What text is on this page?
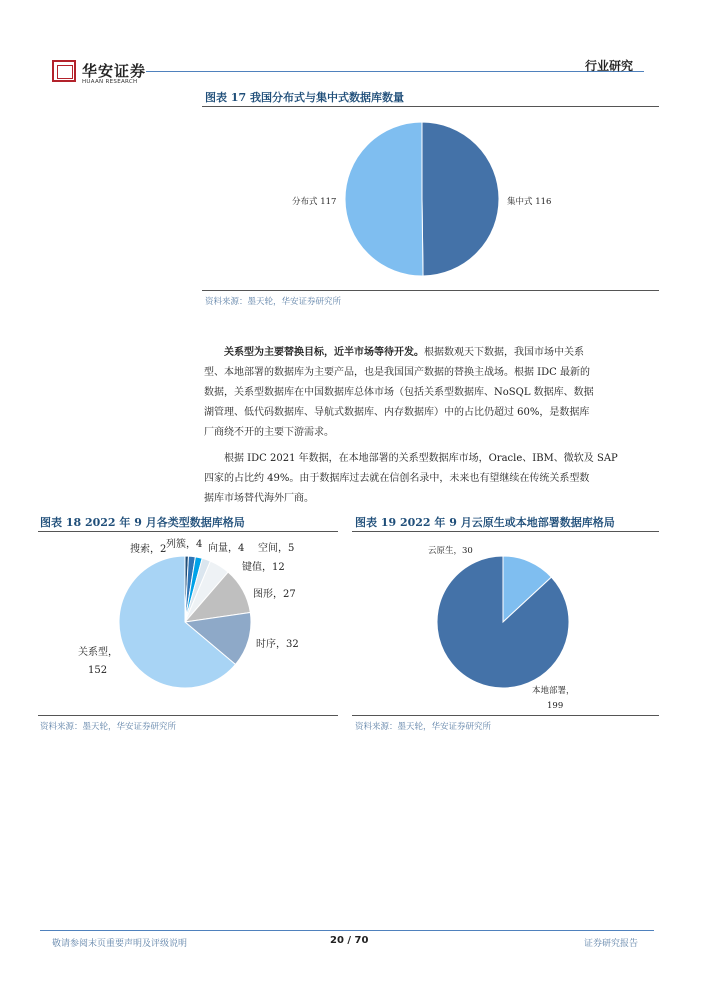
华安证券
HUAAN RESEARCH
行业研究
图表 17 我国分布式与集中式数据库数量
分布式 117	集中式 116
资料来源：墨天轮，华安证券研究所
关系型为主要替换目标，近半市场等待开发。根据数观天下数据，我国市场中关系
型、本地部署的数据库为主要产品，也是我国国产数据的替换主战场。根据 IDC 最新的
数据，关系型数据库在中国数据库总体市场（包括关系型数据库、NoSQL 数据库、数据
湖管理、低代码数据库、导航式数据库、内存数据库）中的占比仍超过 60%，是数据库
厂商绕不开的主要下游需求。
根据 IDC 2021 年数据，在本地部署的关系型数据库市场，Oracle、IBM、微软及 SAP
四家的占比约 49%。由于数据库过去就在信创名录中，未来也有望继续在传统关系型数
据库市场替代海外厂商。
图表 18 2022 年 9 月各类型数据库格局
搜索，2 列簇，4 向量，4 空间，5
键值，12
图形，27
时序，32
关系型，
152
资料来源：墨天轮，华安证券研究所
图表 19 2022 年 9 月云原生或本地部署数据库格局
云原生，30
本地部署，
199
资料来源：墨天轮，华安证券研究所
敬请参阅末页重要声明及评级说明	20 / 70	证券研究报告
